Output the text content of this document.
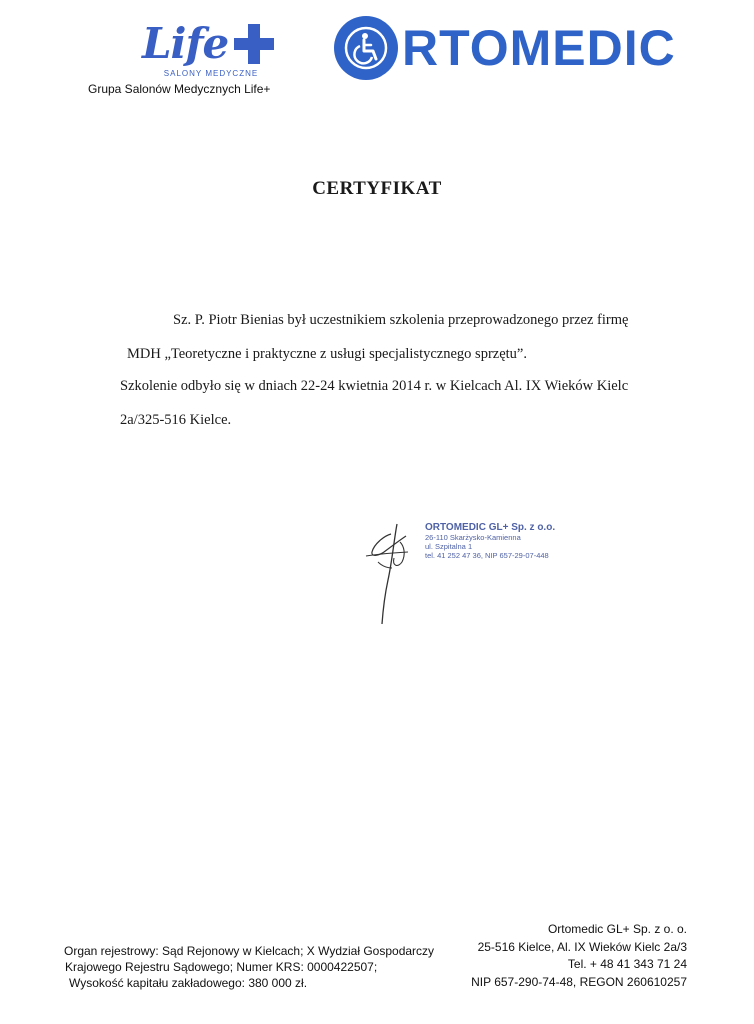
Life
SALONY MEDYCZNE
Grupa Salonów Medycznych Life+
RTOMEDIC
CERTYFIKAT
Sz. P. Piotr Bienias był uczestnikiem szkolenia przeprowadzonego przez firmę
MDH „Teoretyczne i praktyczne z usługi specjalistycznego sprzętu”.
Szkolenie odbyło się w dniach 22-24 kwietnia 2014 r. w Kielcach Al. IX Wieków Kielc
2a/325-516 Kielce.
ORTOMEDIC GL+ Sp. z o.o.
26-110 Skarżysko-Kamienna
ul. Szpitalna 1
tel. 41 252 47 36, NIP 657-29-07-448
Organ rejestrowy: Sąd Rejonowy w Kielcach; X Wydział Gospodarczy
Krajowego Rejestru Sądowego; Numer KRS: 0000422507;
Wysokość kapitału zakładowego: 380 000 zł.
Ortomedic GL+ Sp. z o. o.
25-516 Kielce, Al. IX Wieków Kielc 2a/3
Tel. + 48 41 343 71 24
NIP 657-290-74-48, REGON 260610257
